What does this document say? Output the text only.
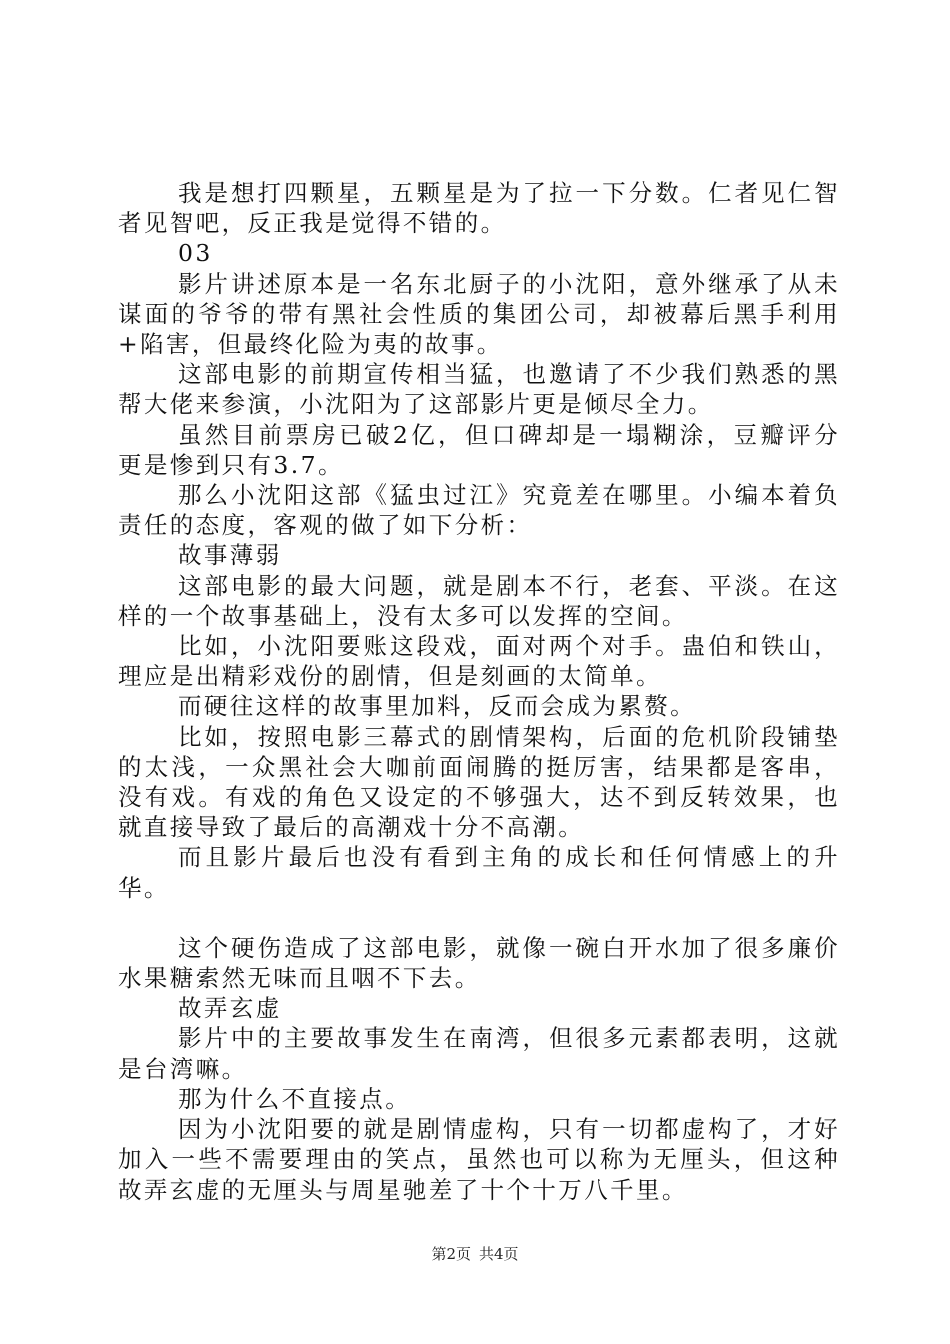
我是想打四颗星，五颗星是为了拉一下分数。仁者见仁智者见智吧，反正我是觉得不错的。

03

影片讲述原本是一名东北厨子的小沈阳，意外继承了从未谋面的爷爷的带有黑社会性质的集团公司，却被幕后黑手利用+陷害，但最终化险为夷的故事。

这部电影的前期宣传相当猛，也邀请了不少我们熟悉的黑帮大佬来参演，小沈阳为了这部影片更是倾尽全力。

虽然目前票房已破2亿，但口碑却是一塌糊涂，豆瓣评分更是惨到只有3.7。

那么小沈阳这部《猛虫过江》究竟差在哪里。小编本着负责任的态度，客观的做了如下分析：

故事薄弱

这部电影的最大问题，就是剧本不行，老套、平淡。在这样的一个故事基础上，没有太多可以发挥的空间。

比如，小沈阳要账这段戏，面对两个对手。蛊伯和铁山，理应是出精彩戏份的剧情，但是刻画的太简单。

而硬往这样的故事里加料，反而会成为累赘。

比如，按照电影三幕式的剧情架构，后面的危机阶段铺垫的太浅，一众黑社会大咖前面闹腾的挺厉害，结果都是客串，没有戏。有戏的角色又设定的不够强大，达不到反转效果，也就直接导致了最后的高潮戏十分不高潮。

而且影片最后也没有看到主角的成长和任何情感上的升华。

这个硬伤造成了这部电影，就像一碗白开水加了很多廉价水果糖索然无味而且咽不下去。

故弄玄虚

影片中的主要故事发生在南湾，但很多元素都表明，这就是台湾嘛。

那为什么不直接点。

因为小沈阳要的就是剧情虚构，只有一切都虚构了，才好加入一些不需要理由的笑点，虽然也可以称为无厘头，但这种故弄玄虚的无厘头与周星驰差了十个十万八千里。

第2页 共4页
